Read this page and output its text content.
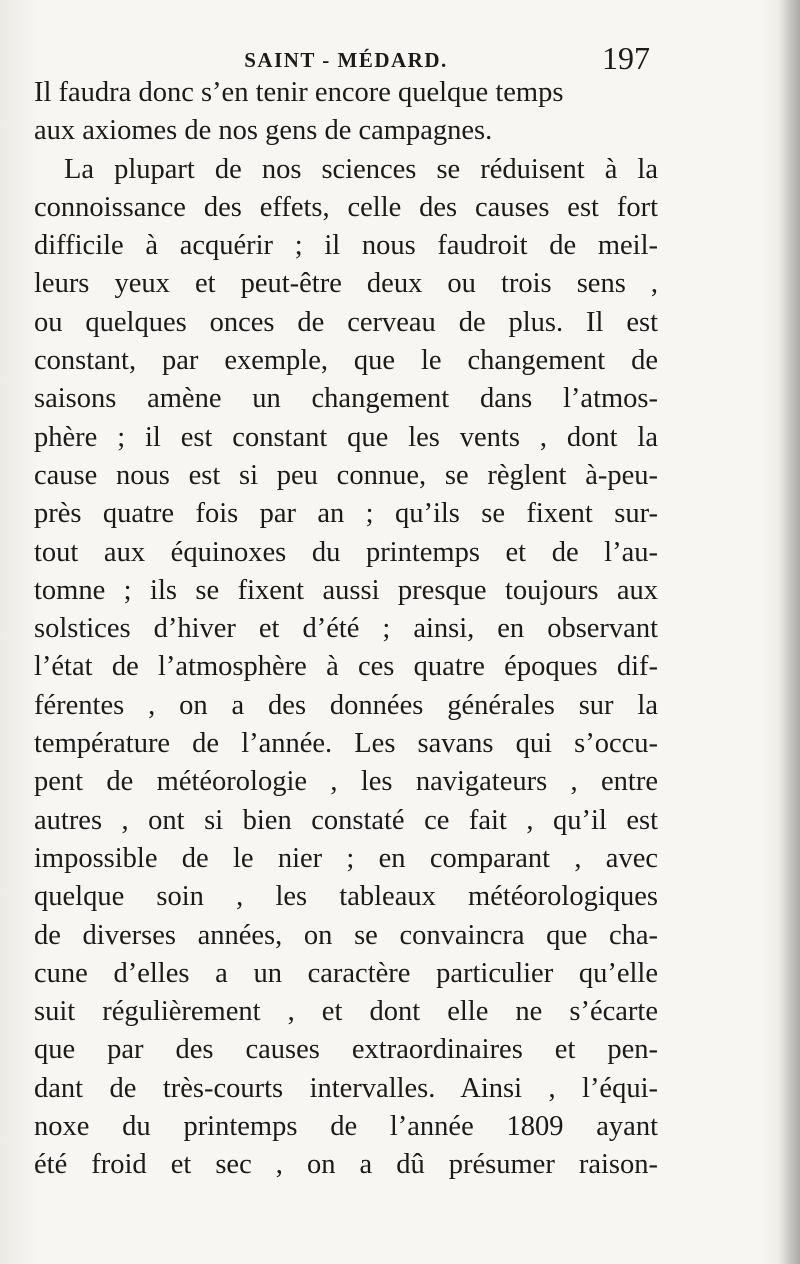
SAINT - MÉDARD.	197
Il faudra donc s’en tenir encore quelque temps
aux axiomes de nos gens de campagnes.
La plupart de nos sciences se réduisent à la
connoissance des effets, celle des causes est fort
difficile à acquérir ; il nous faudroit de meil-
leurs yeux et peut-être deux ou trois sens ,
ou quelques onces de cerveau de plus. Il est
constant, par exemple, que le changement de
saisons amène un changement dans l’atmos-
phère ; il est constant que les vents , dont la
cause nous est si peu connue, se règlent à-peu-
près quatre fois par an ; qu’ils se fixent sur-
tout aux équinoxes du printemps et de l’au-
tomne ; ils se fixent aussi presque toujours aux
solstices d’hiver et d’été ; ainsi, en observant
l’état de l’atmosphère à ces quatre époques dif-
férentes , on a des données générales sur la
température de l’année. Les savans qui s’occu-
pent de météorologie , les navigateurs , entre
autres , ont si bien constaté ce fait , qu’il est
impossible de le nier ; en comparant , avec
quelque soin , les tableaux météorologiques
de diverses années, on se convaincra que cha-
cune d’elles a un caractère particulier qu’elle
suit régulièrement , et dont elle ne s’écarte
que par des causes extraordinaires et pen-
dant de très-courts intervalles. Ainsi , l’équi-
noxe du printemps de l’année 1809 ayant
été froid et sec , on a dû présumer raison-
